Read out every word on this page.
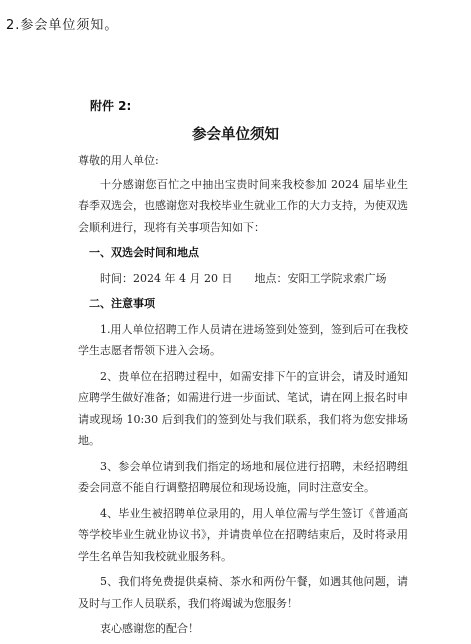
2.参会单位须知。
附件 2:
参会单位须知

尊敬的用人单位:

十分感谢您百忙之中抽出宝贵时间来我校参加 2024 届毕业生春季双选会，也感谢您对我校毕业生就业工作的大力支持，为使双选会顺利进行，现将有关事项告知如下：

一、双选会时间和地点

时间：2024 年 4 月 20 日　　地点：安阳工学院求索广场

二、注意事项

1.用人单位招聘工作人员请在进场签到处签到，签到后可在我校学生志愿者帮领下进入会场。

2、贵单位在招聘过程中，如需安排下午的宣讲会，请及时通知应聘学生做好准备；如需进行进一步面试、笔试，请在网上报名时申请或现场 10:30 后到我们的签到处与我们联系，我们将为您安排场地。

3、参会单位请到我们指定的场地和展位进行招聘，未经招聘组委会同意不能自行调整招聘展位和现场设施，同时注意安全。

4、毕业生被招聘单位录用的，用人单位需与学生签订《普通高等学校毕业生就业协议书》，并请贵单位在招聘结束后，及时将录用学生名单告知我校就业服务科。

5、我们将免费提供桌椅、茶水和两份午餐，如遇其他问题，请及时与工作人员联系，我们将竭诚为您服务！

衷心感谢您的配合！
